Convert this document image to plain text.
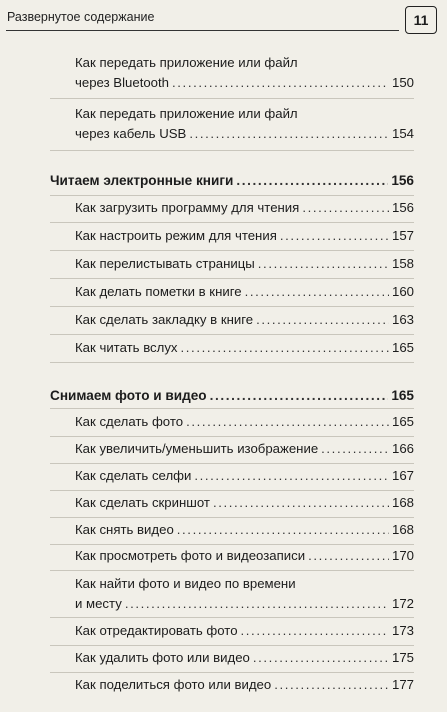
Развернутое содержание	11
Как передать приложение или файл
через Bluetooth .....	150
Как передать приложение или файл
через кабель USB .....	154
Читаем электронные книги .....	156
Как загрузить программу для чтения .....	156
Как настроить режим для чтения .....	157
Как перелистывать страницы .....	158
Как делать пометки в книге .....	160
Как сделать закладку в книге .....	163
Как читать вслух .....	165
Снимаем фото и видео .....	165
Как сделать фото .....	165
Как увеличить/уменьшить изображение .....	166
Как сделать селфи .....	167
Как сделать скриншот .....	168
Как снять видео .....	168
Как просмотреть фото и видеозаписи .....	170
Как найти фото и видео по времени
и месту .....	172
Как отредактировать фото .....	173
Как удалить фото или видео .....	175
Как поделиться фото или видео .....	177
